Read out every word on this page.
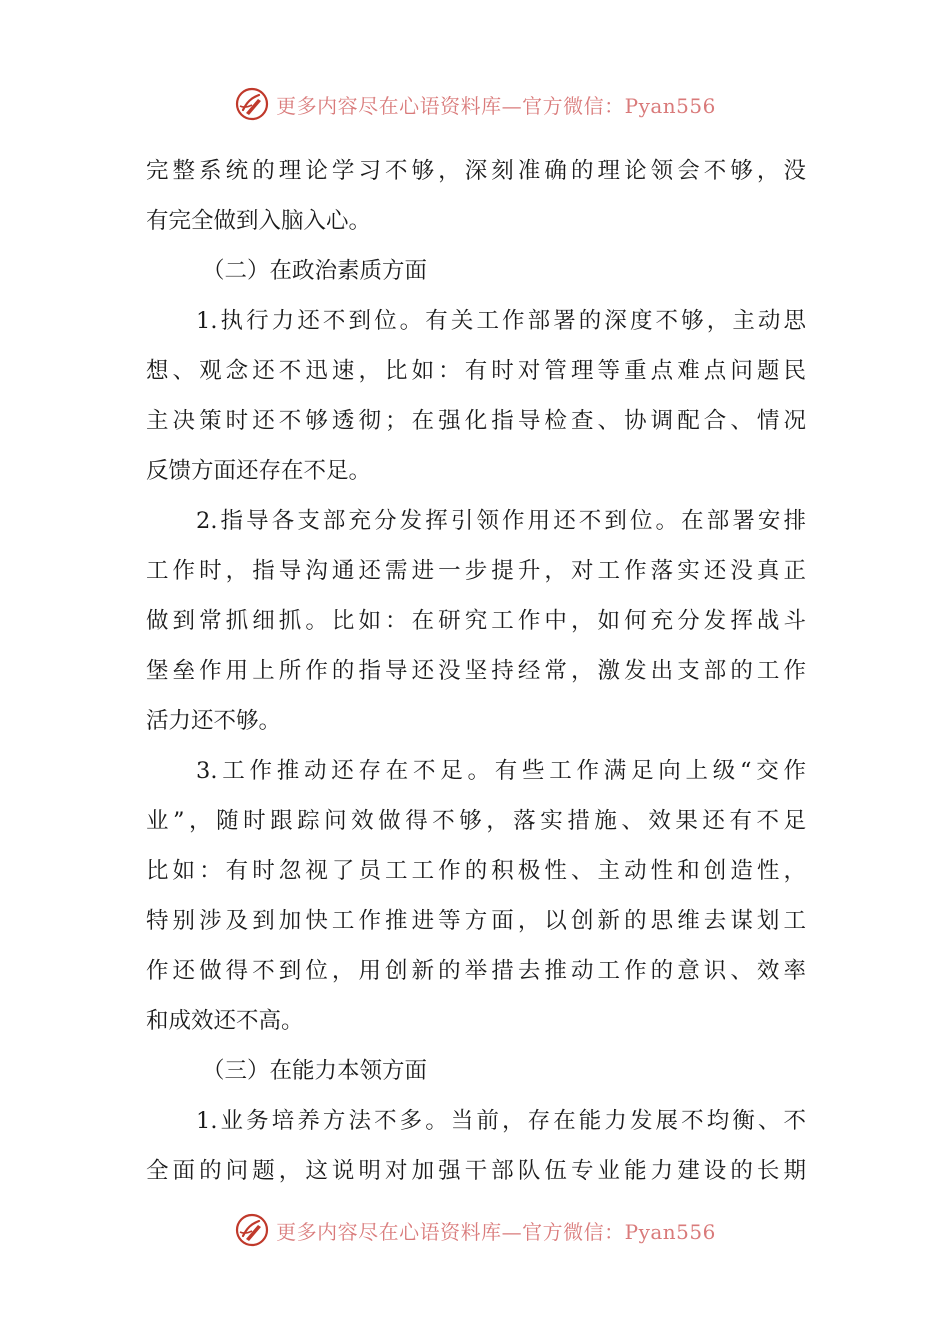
更多内容尽在心语资料库—官方微信：Pyan556
完整系统的理论学习不够，深刻准确的理论领会不够，没
有完全做到入脑入心。
（二）在政治素质方面
1.执行力还不到位。有关工作部署的深度不够，主动思
想、观念还不迅速，比如：有时对管理等重点难点问题民
主决策时还不够透彻；在强化指导检查、协调配合、情况
反馈方面还存在不足。
2.指导各支部充分发挥引领作用还不到位。在部署安排
工作时，指导沟通还需进一步提升，对工作落实还没真正
做到常抓细抓。比如：在研究工作中，如何充分发挥战斗
堡垒作用上所作的指导还没坚持经常，激发出支部的工作
活力还不够。
3.工作推动还存在不足。有些工作满足向上级“交作
业”，随时跟踪问效做得不够，落实措施、效果还有不足
比如：有时忽视了员工工作的积极性、主动性和创造性，
特别涉及到加快工作推进等方面，以创新的思维去谋划工
作还做得不到位，用创新的举措去推动工作的意识、效率
和成效还不高。
（三）在能力本领方面
1.业务培养方法不多。当前，存在能力发展不均衡、不
全面的问题，这说明对加强干部队伍专业能力建设的长期
更多内容尽在心语资料库—官方微信：Pyan556
